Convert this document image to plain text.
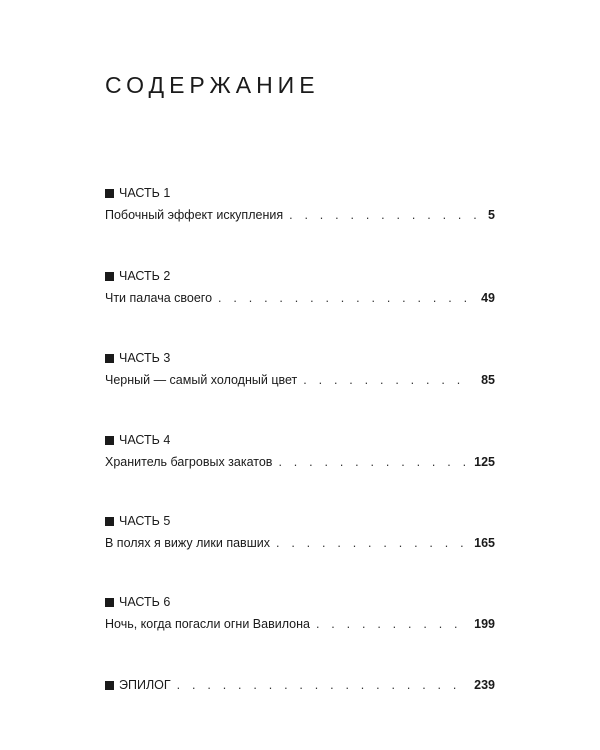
СОДЕРЖАНИЕ
ЧАСТЬ 1
Побочный эффект искупления . . .	5
ЧАСТЬ 2
Чти палача своего . . .	49
ЧАСТЬ 3
Черный — самый холодный цвет . . .	85
ЧАСТЬ 4
Хранитель багровых закатов . . .	125
ЧАСТЬ 5
В полях я вижу лики павших . . .	165
ЧАСТЬ 6
Ночь, когда погасли огни Вавилона . . .	199
ЭПИЛОГ . . .	239
